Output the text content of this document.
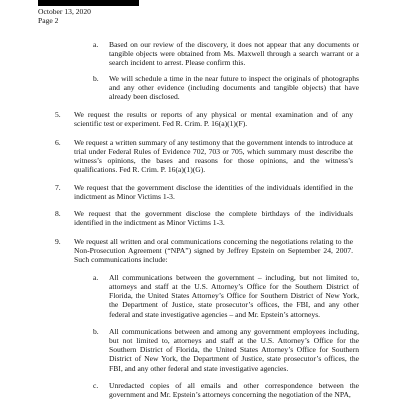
October 13, 2020
Page 2
a. Based on our review of the discovery, it does not appear that any documents or tangible objects were obtained from Ms. Maxwell through a search warrant or a search incident to arrest. Please confirm this.
b. We will schedule a time in the near future to inspect the originals of photographs and any other evidence (including documents and tangible objects) that have already been disclosed.
5. We request the results or reports of any physical or mental examination and of any scientific test or experiment. Fed R. Crim. P. 16(a)(1)(F).
6. We request a written summary of any testimony that the government intends to introduce at trial under Federal Rules of Evidence 702, 703 or 705, which summary must describe the witness’s opinions, the bases and reasons for those opinions, and the witness’s qualifications. Fed R. Crim. P. 16(a)(1)(G).
7. We request that the government disclose the identities of the individuals identified in the indictment as Minor Victims 1-3.
8. We request that the government disclose the complete birthdays of the individuals identified in the indictment as Minor Victims 1-3.
9. We request all written and oral communications concerning the negotiations relating to the Non-Prosecution Agreement (“NPA”) signed by Jeffrey Epstein on September 24, 2007. Such communications include:
a. All communications between the government – including, but not limited to, attorneys and staff at the U.S. Attorney’s Office for the Southern District of Florida, the United States Attorney’s Office for Southern District of New York, the Department of Justice, state prosecutor’s offices, the FBI, and any other federal and state investigative agencies – and Mr. Epstein’s attorneys.
b. All communications between and among any government employees including, but not limited to, attorneys and staff at the U.S. Attorney’s Office for the Southern District of Florida, the United States Attorney’s Office for Southern District of New York, the Department of Justice, state prosecutor’s offices, the FBI, and any other federal and state investigative agencies.
c. Unredacted copies of all emails and other correspondence between the government and Mr. Epstein’s attorneys concerning the negotiation of the NPA,
